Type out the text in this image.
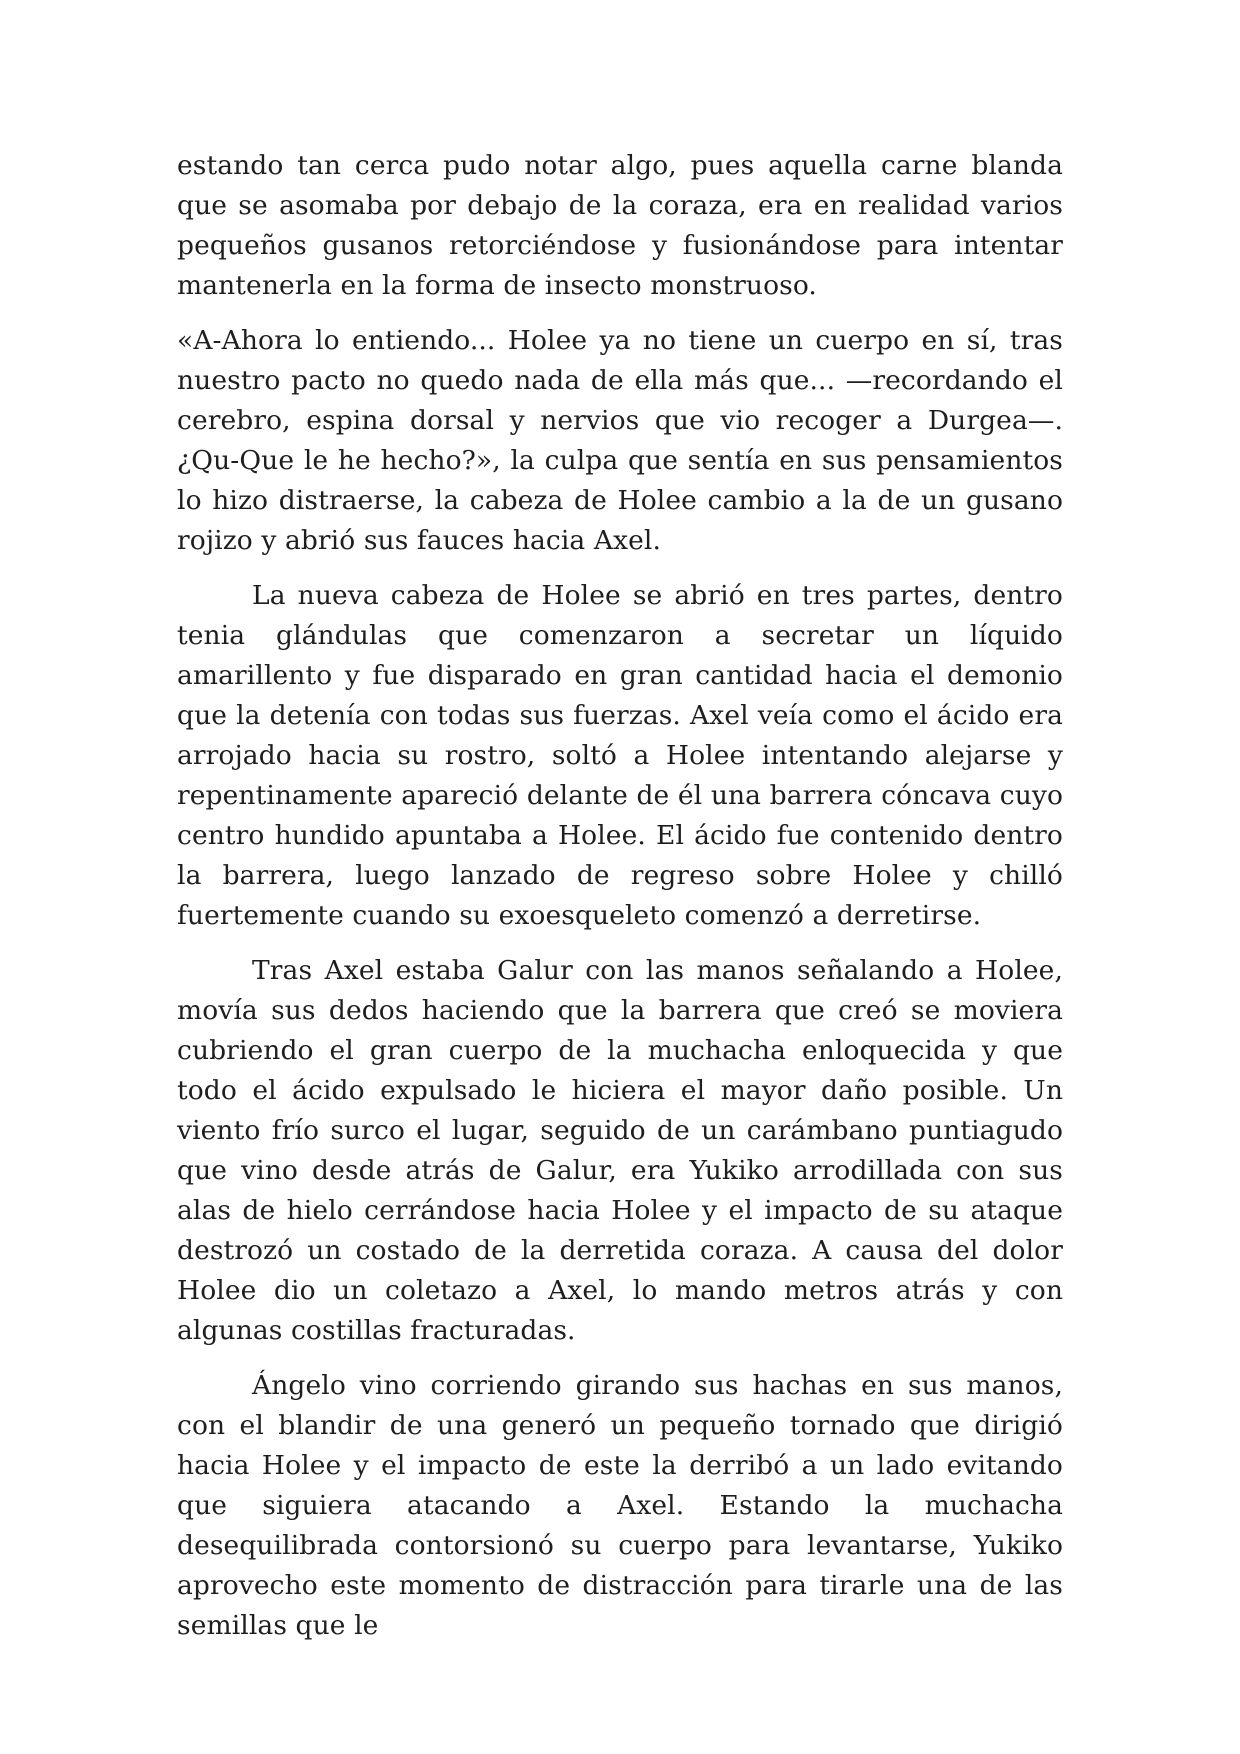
estando tan cerca pudo notar algo, pues aquella carne blanda que se asomaba por debajo de la coraza, era en realidad varios pequeños gusanos retorciéndose y fusionándose para intentar mantenerla en la forma de insecto monstruoso.

«A-Ahora lo entiendo... Holee ya no tiene un cuerpo en sí, tras nuestro pacto no quedo nada de ella más que... —recordando el cerebro, espina dorsal y nervios que vio recoger a Durgea—. ¿Qu-Que le he hecho?», la culpa que sentía en sus pensamientos lo hizo distraerse, la cabeza de Holee cambio a la de un gusano rojizo y abrió sus fauces hacia Axel.

La nueva cabeza de Holee se abrió en tres partes, dentro tenia glándulas que comenzaron a secretar un líquido amarillento y fue disparado en gran cantidad hacia el demonio que la detenía con todas sus fuerzas. Axel veía como el ácido era arrojado hacia su rostro, soltó a Holee intentando alejarse y repentinamente apareció delante de él una barrera cóncava cuyo centro hundido apuntaba a Holee. El ácido fue contenido dentro la barrera, luego lanzado de regreso sobre Holee y chilló fuertemente cuando su exoesqueleto comenzó a derretirse.

Tras Axel estaba Galur con las manos señalando a Holee, movía sus dedos haciendo que la barrera que creó se moviera cubriendo el gran cuerpo de la muchacha enloquecida y que todo el ácido expulsado le hiciera el mayor daño posible. Un viento frío surco el lugar, seguido de un carámbano puntiagudo que vino desde atrás de Galur, era Yukiko arrodillada con sus alas de hielo cerrándose hacia Holee y el impacto de su ataque destrozó un costado de la derretida coraza. A causa del dolor Holee dio un coletazo a Axel, lo mando metros atrás y con algunas costillas fracturadas.

Ángelo vino corriendo girando sus hachas en sus manos, con el blandir de una generó un pequeño tornado que dirigió hacia Holee y el impacto de este la derribó a un lado evitando que siguiera atacando a Axel. Estando la muchacha desequilibrada contorsionó su cuerpo para levantarse, Yukiko aprovecho este momento de distracción para tirarle una de las semillas que le
